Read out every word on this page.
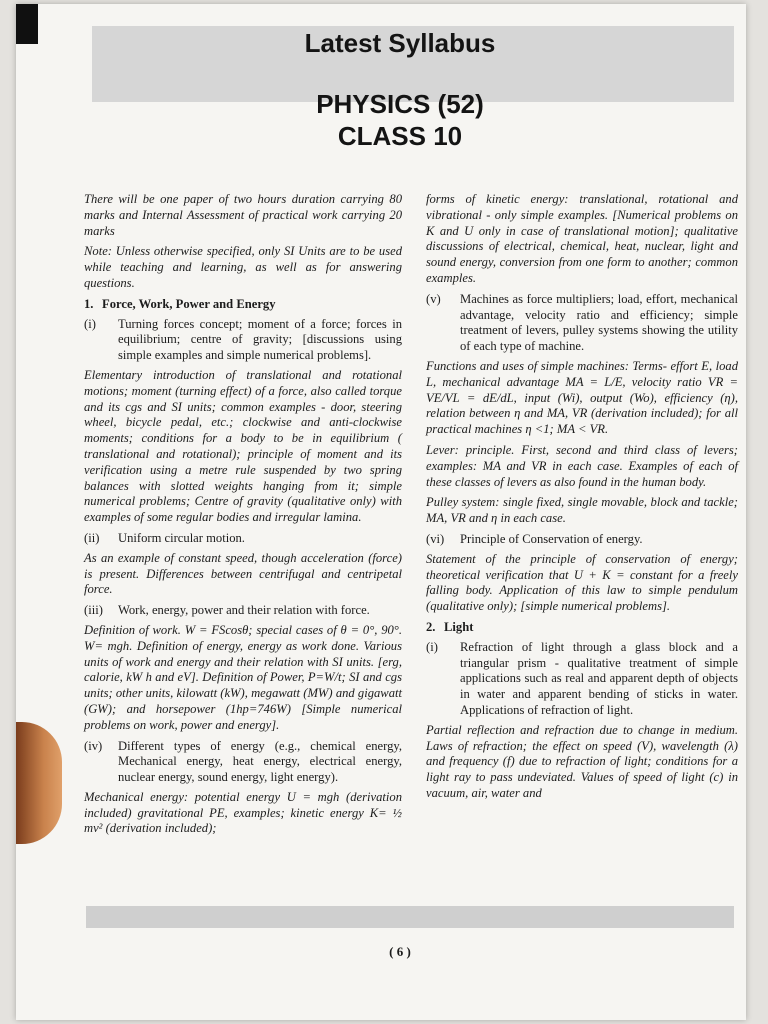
Latest Syllabus
PHYSICS (52)
CLASS 10

There will be one paper of two hours duration carrying 80 marks and Internal Assessment of practical work carrying 20 marks

Note: Unless otherwise specified, only SI Units are to be used while teaching and learning, as well as for answering questions.

1. Force, Work, Power and Energy
(i)	Turning forces concept; moment of a force; forces in equilibrium; centre of gravity; [discussions using simple examples and simple numerical problems].

Elementary introduction of translational and rotational motions; moment (turning effect) of a force, also called torque and its cgs and SI units; common examples - door, steering wheel, bicycle pedal, etc.; clockwise and anti-clockwise moments; conditions for a body to be in equilibrium ( translational and rotational); principle of moment and its verification using a metre rule suspended by two spring balances with slotted weights hanging from it; simple numerical problems; Centre of gravity (qualitative only) with examples of some regular bodies and irregular lamina.

(ii)	Uniform circular motion.

As an example of constant speed, though acceleration (force) is present. Differences between centrifugal and centripetal force.

(iii)	Work, energy, power and their relation with force.

Definition of work. W = FScosθ; special cases of θ = 0°, 90°. W= mgh. Definition of energy, energy as work done. Various units of work and energy and their relation with SI units. [erg, calorie, kW h and eV]. Definition of Power, P=W/t; SI and cgs units; other units, kilowatt (kW), megawatt (MW) and gigawatt (GW); and horsepower (1hp=746W) [Simple numerical problems on work, power and energy].

(iv)	Different types of energy (e.g., chemical energy, Mechanical energy, heat energy, electrical energy, nuclear energy, sound energy, light energy).

Mechanical energy: potential energy U = mgh (derivation included) gravitational PE, examples; kinetic energy K= ½ mv² (derivation included);

forms of kinetic energy: translational, rotational and vibrational - only simple examples. [Numerical problems on K and U only in case of translational motion]; qualitative discussions of electrical, chemical, heat, nuclear, light and sound energy, conversion from one form to another; common examples.

(v)	Machines as force multipliers; load, effort, mechanical advantage, velocity ratio and efficiency; simple treatment of levers, pulley systems showing the utility of each type of machine.

Functions and uses of simple machines: Terms- effort E, load L, mechanical advantage MA = L/E, velocity ratio VR = VE/VL = dE/dL, input (Wi), output (Wo), efficiency (η), relation between η and MA, VR (derivation included); for all practical machines η <1; MA < VR.

Lever: principle. First, second and third class of levers; examples: MA and VR in each case. Examples of each of these classes of levers as also found in the human body.

Pulley system: single fixed, single movable, block and tackle; MA, VR and η in each case.

(vi)	Principle of Conservation of energy.

Statement of the principle of conservation of energy; theoretical verification that U + K = constant for a freely falling body. Application of this law to simple pendulum (qualitative only); [simple numerical problems].

2. Light
(i)	Refraction of light through a glass block and a triangular prism - qualitative treatment of simple applications such as real and apparent depth of objects in water and apparent bending of sticks in water. Applications of refraction of light.

Partial reflection and refraction due to change in medium. Laws of refraction; the effect on speed (V), wavelength (λ) and frequency (f) due to refraction of light; conditions for a light ray to pass undeviated. Values of speed of light (c) in vacuum, air, water and

( 6 )
